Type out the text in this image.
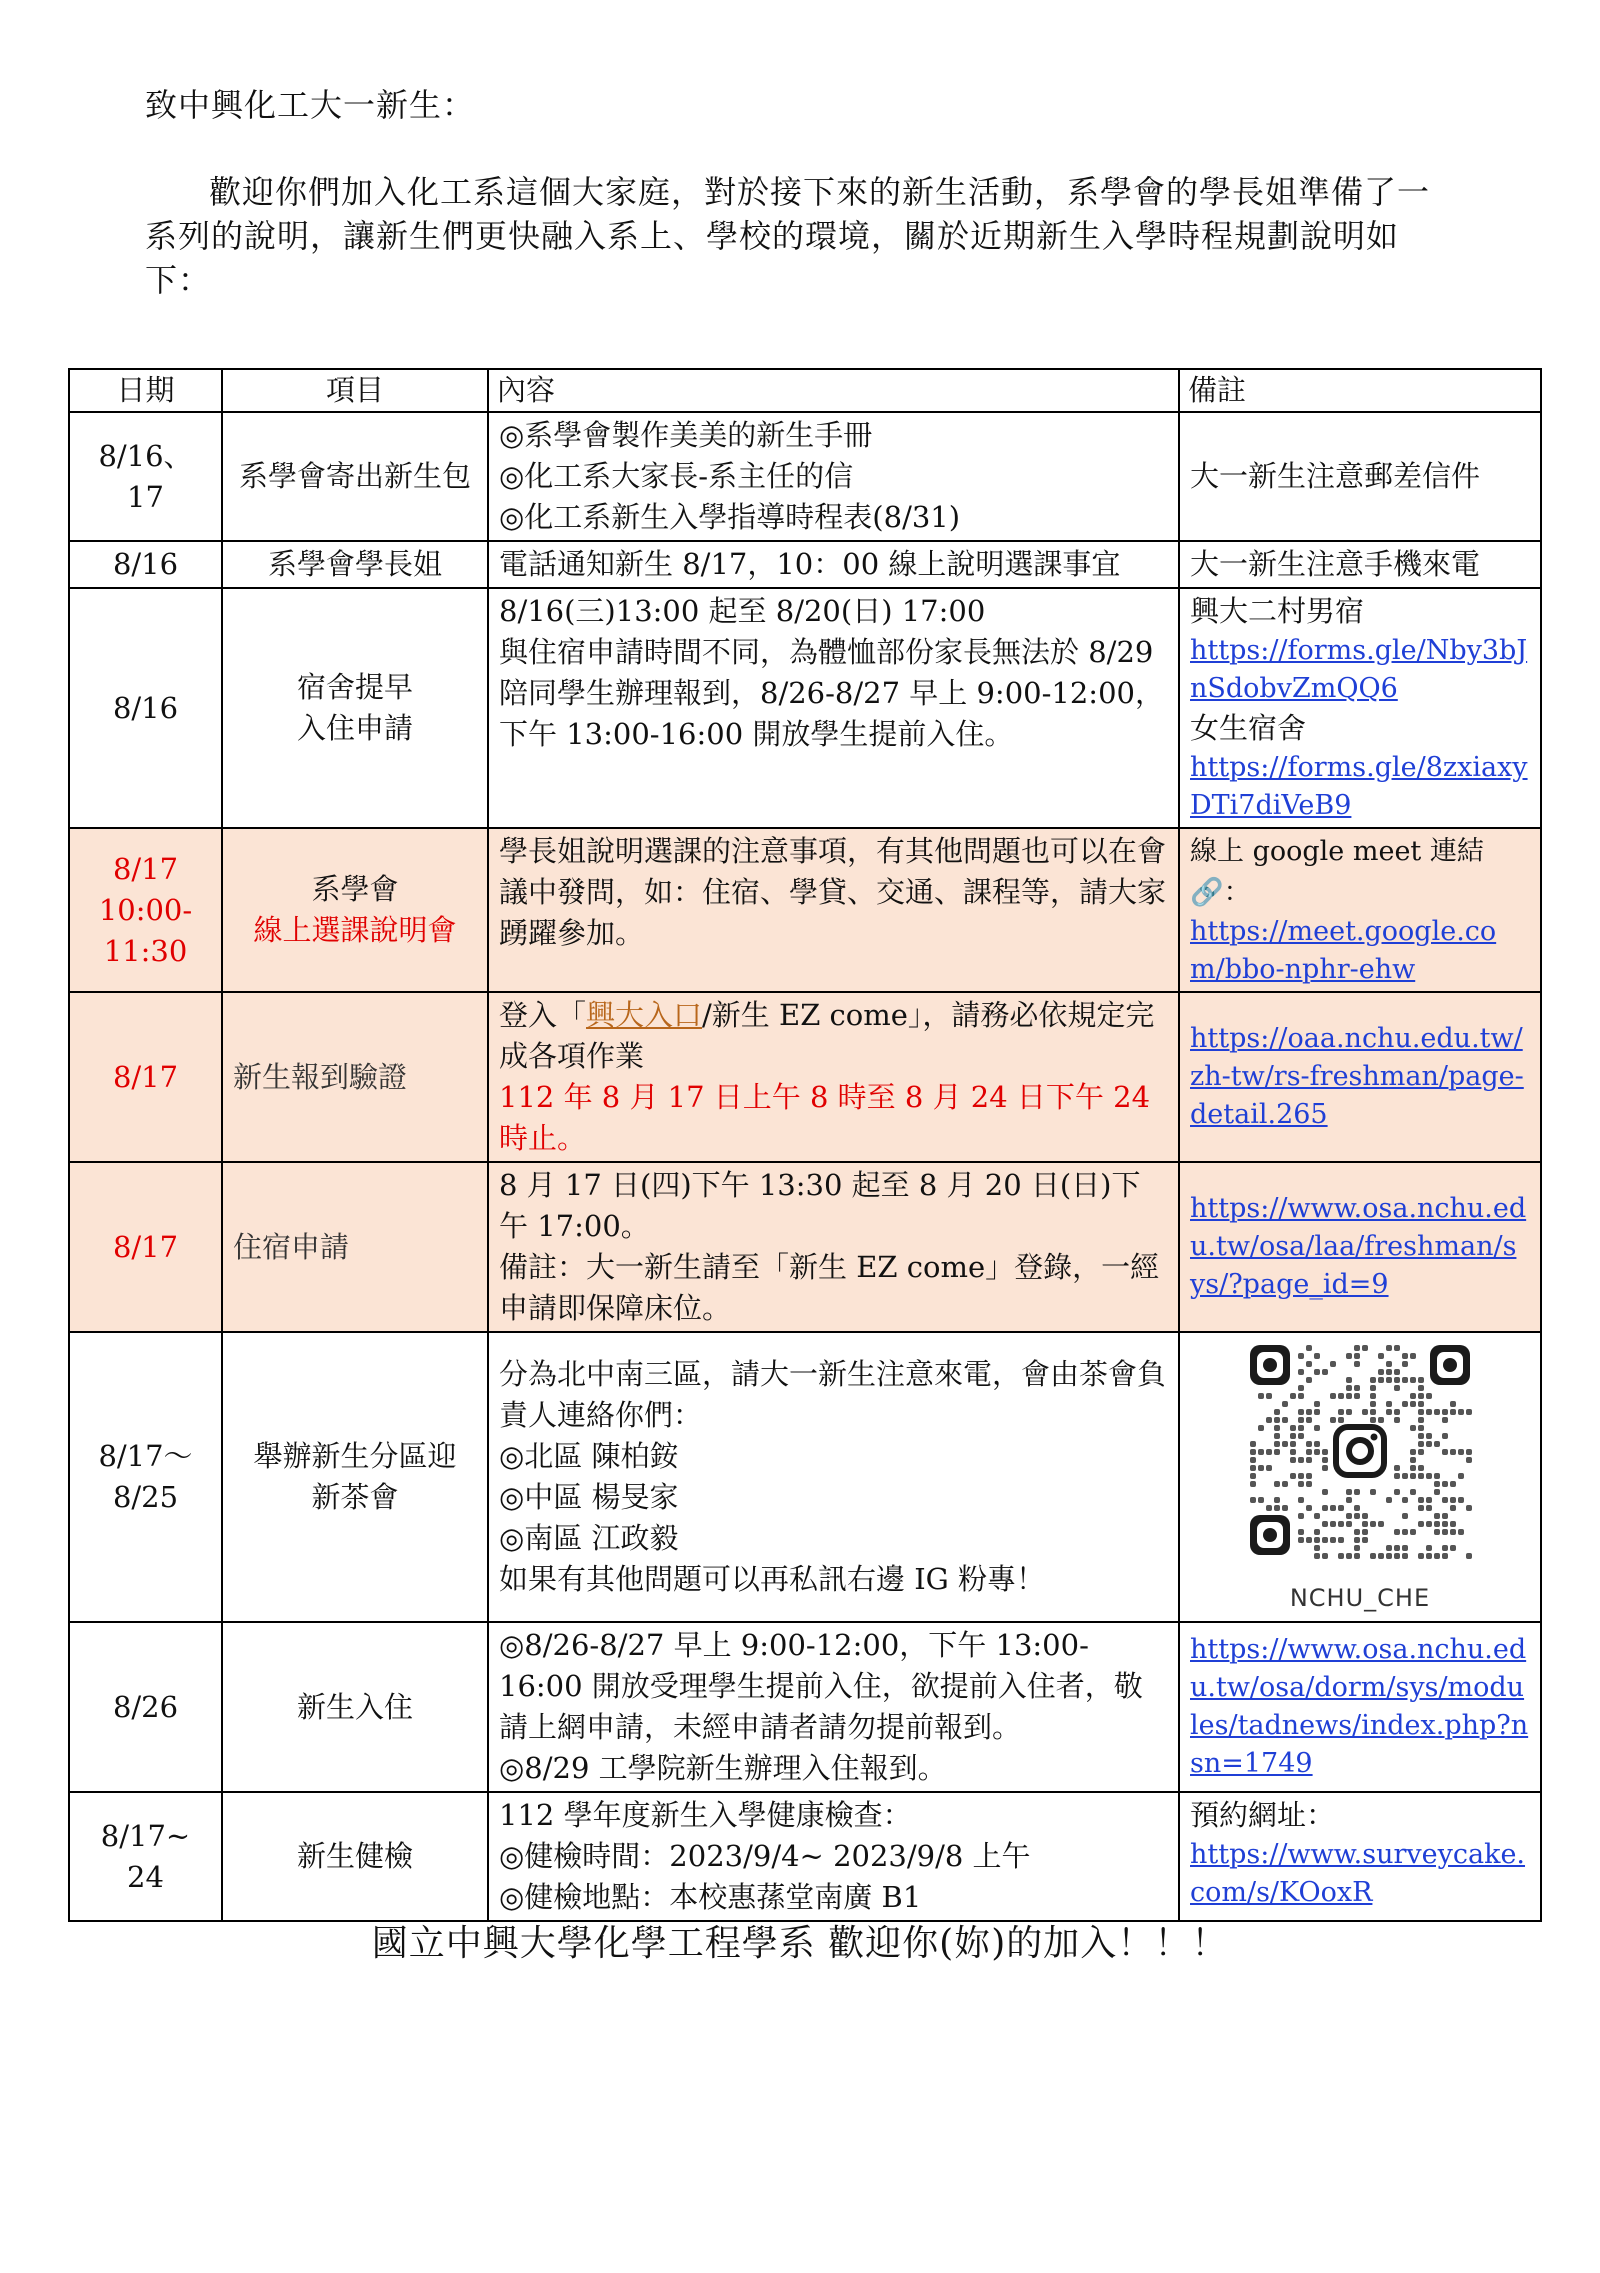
致中興化工大一新生：

歡迎你們加入化工系這個大家庭，對於接下來的新生活動，系學會的學長姐準備了一系列的說明，讓新生們更快融入系上、學校的環境，關於近期新生入學時程規劃說明如下：

日期	項目	內容	備註
8/16、17	系學會寄出新生包	◎系學會製作美美的新生手冊
◎化工系大家長-系主任的信
◎化工系新生入學指導時程表(8/31)	大一新生注意郵差信件
8/16	系學會學長姐	電話通知新生 8/17，10：00 線上說明選課事宜	大一新生注意手機來電
8/16	宿舍提早
入住申請	8/16(三)13:00 起至 8/20(日) 17:00
與住宿申請時間不同，為體恤部份家長無法於 8/29 陪同學生辦理報到，8/26-8/27 早上 9:00-12:00，下午 13:00-16:00 開放學生提前入住。	興大二村男宿
https://forms.gle/Nby3bJnSdobvZmQQ6
女生宿舍
https://forms.gle/8zxiaxyDTi7diVeB9

8/17
10:00-
11:30	系學會
線上選課說明會	學長姐說明選課的注意事項，有其他問題也可以在會議中發問，如：住宿、學貸、交通、課程等，請大家踴躍參加。	線上 google meet 連結🔗：
https://meet.google.com/bbo-nphr-ehw

8/17	新生報到驗證	登入「興大入口/新生 EZ come」，請務必依規定完成各項作業
112 年 8 月 17 日上午 8 時至 8 月 24 日下午 24 時止。	https://oaa.nchu.edu.tw/zh-tw/rs-freshman/page-detail.265

8/17	住宿申請	8 月 17 日(四)下午 13:30 起至 8 月 20 日(日)下午 17:00。
備註：大一新生請至「新生 EZ come」登錄，一經申請即保障床位。	https://www.osa.nchu.edu.tw/osa/laa/freshman/sys/?page_id=9

8/17～
8/25	舉辦新生分區迎
新茶會	分為北中南三區，請大一新生注意來電，會由茶會負責人連絡你們：
◎北區 陳柏銨
◎中區 楊旻家
◎南區 江政毅
如果有其他問題可以再私訊右邊 IG 粉專！	NCHU_CHE

8/26	新生入住	◎8/26-8/27 早上 9:00-12:00，下午 13:00-16:00 開放受理學生提前入住，欲提前入住者，敬請上網申請，未經申請者請勿提前報到。
◎8/29 工學院新生辦理入住報到。	https://www.osa.nchu.edu.tw/osa/dorm/sys/modules/tadnews/index.php?nsn=1749

8/17~ 24	新生健檢	112 學年度新生入學健康檢查：
◎健檢時間：2023/9/4~ 2023/9/8 上午
◎健檢地點：本校惠蓀堂南廣 B1	預約網址：
https://www.surveycake.com/s/KOoxR
國立中興大學化學工程學系 歡迎你(妳)的加入！！！
